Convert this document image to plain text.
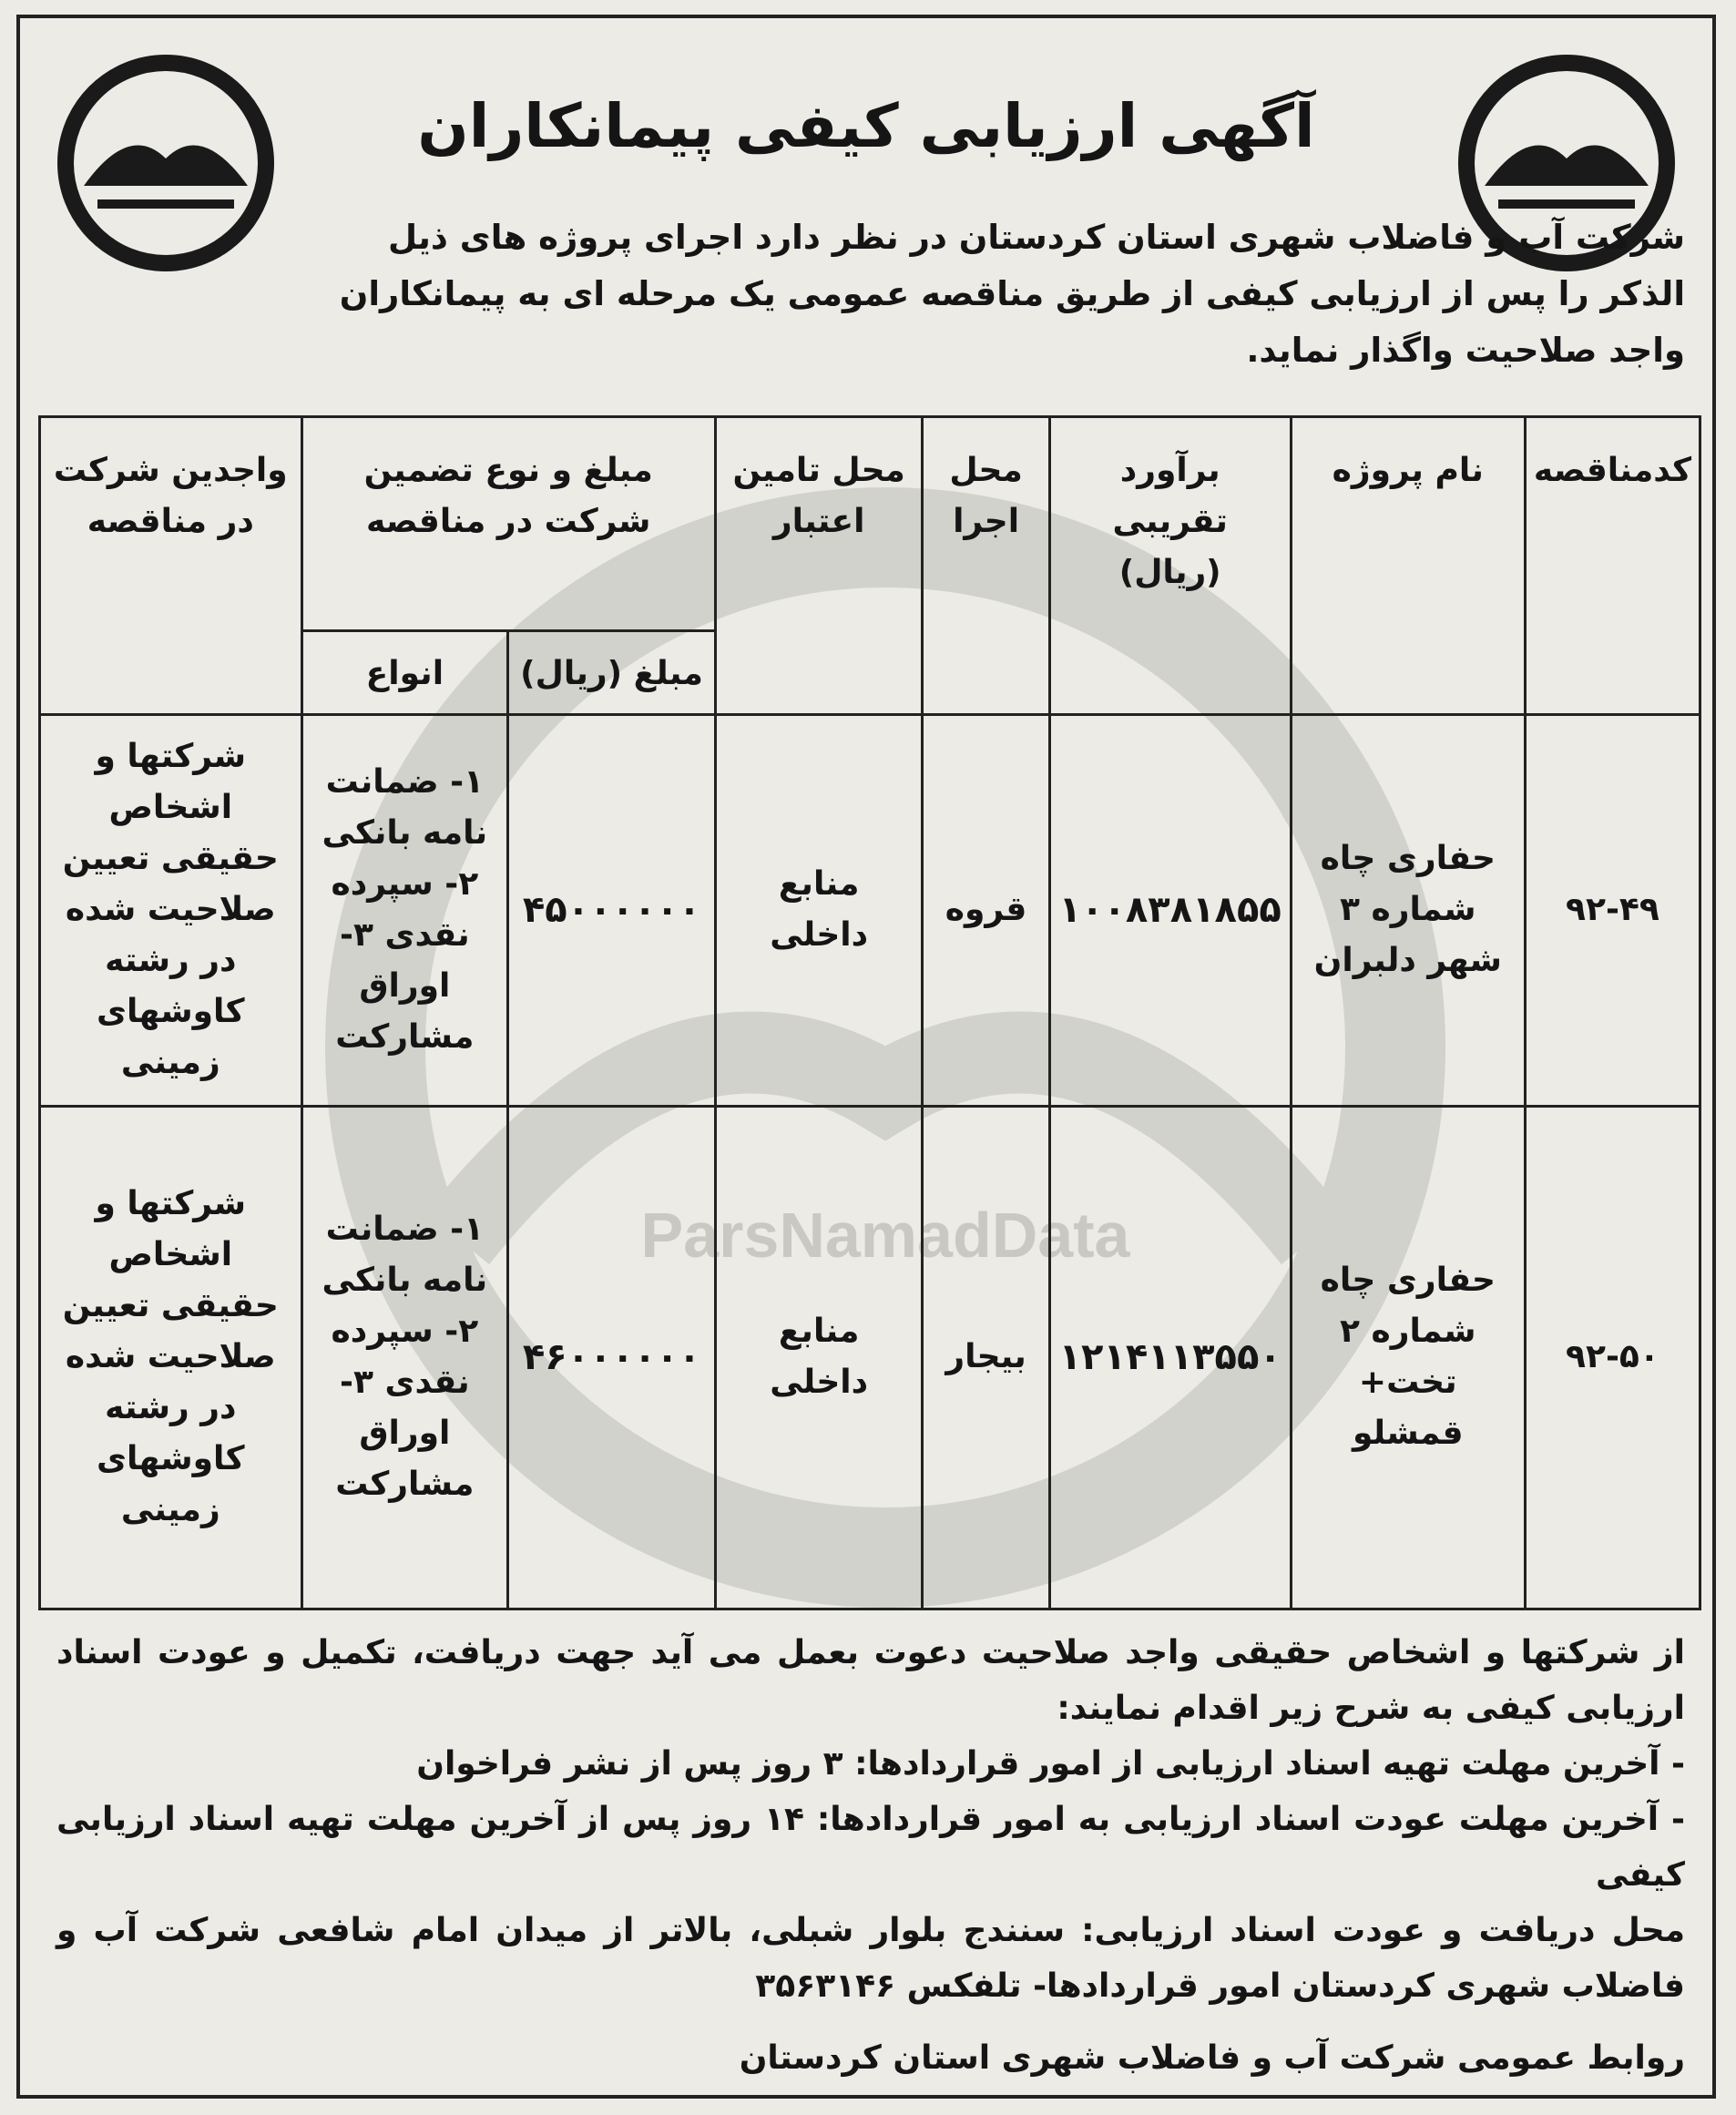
ParsNamadData
آگهی ارزیابی کیفی پیمانکاران
شرکت آب و فاضلاب شهری استان کردستان در نظر دارد اجرای پروژه های ذیل الذکر را پس از ارزیابی کیفی از طریق مناقصه عمومی یک مرحله ای به پیمانکاران واجد صلاحیت واگذار نماید.
کدمناقصه	نام پروژه	برآورد تقریبی (ریال)	محل اجرا	محل تامین اعتبار	مبلغ و نوع تضمین شرکت در مناقصه		واجدین شرکت در مناقصه
					مبلغ (ریال)	انواع	
۹۲-۴۹	حفاری چاه شماره ۳ شهر دلبران	۱۰۰۸۳۸۱۸۵۵	قروه	منابع داخلی	۴۵۰۰۰۰۰۰	۱- ضمانت نامه بانکی ۲- سپرده نقدی ۳- اوراق مشارکت	شرکتها و اشخاص حقیقی تعیین صلاحیت شده در رشته کاوشهای زمینی
۹۲-۵۰	حفاری چاه شماره ۲ تخت+ قمشلو	۱۲۱۴۱۱۳۵۵۰	بیجار	منابع داخلی	۴۶۰۰۰۰۰۰	۱- ضمانت نامه بانکی ۲- سپرده نقدی ۳- اوراق مشارکت	شرکتها و اشخاص حقیقی تعیین صلاحیت شده در رشته کاوشهای زمینی

از شرکتها و اشخاص حقیقی واجد صلاحیت دعوت بعمل می آید جهت دریافت، تکمیل و عودت اسناد ارزیابی کیفی به شرح زیر اقدام نمایند:

- آخرین مهلت تهیه اسناد ارزیابی از امور قراردادها: ۳ روز پس از نشر فراخوان

- آخرین مهلت عودت اسناد ارزیابی به امور قراردادها: ۱۴ روز پس از آخرین مهلت تهیه اسناد ارزیابی کیفی

محل دریافت و عودت اسناد ارزیابی: سنندج بلوار شبلی، بالاتر از میدان امام شافعی شرکت آب و فاضلاب شهری کردستان امور قراردادها- تلفکس ۳۵۶۳۱۴۶

روابط عمومی شرکت آب و فاضلاب شهری استان کردستان
